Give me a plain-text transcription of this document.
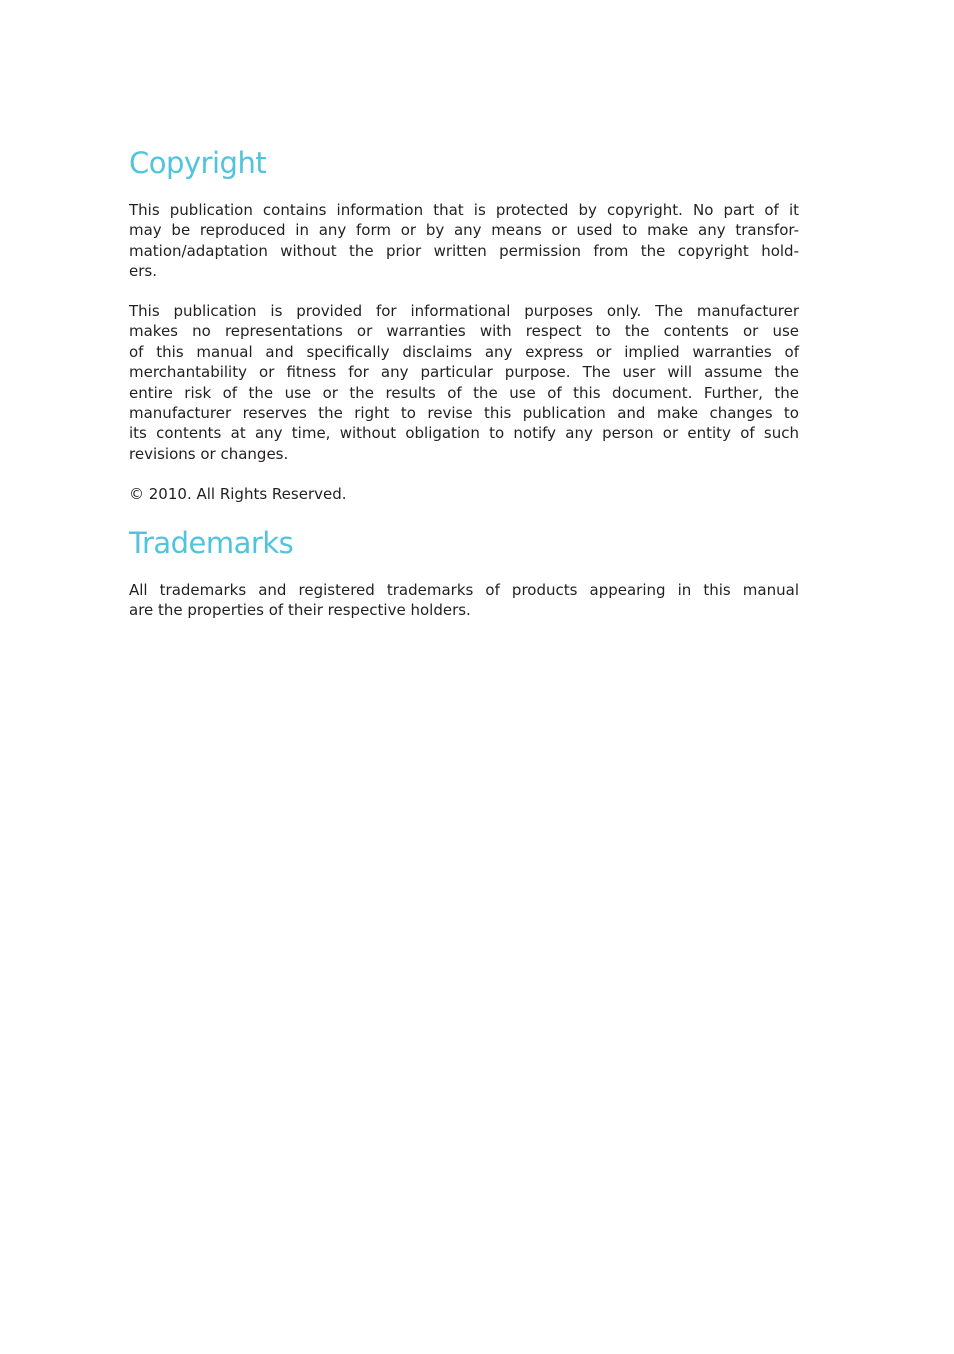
Copyright
This publication contains information that is protected by copyright. No part of it
may be reproduced in any form or by any means or used to make any transfor-
mation/adaptation without the prior written permission from the copyright hold-
ers.
This publication is provided for informational purposes only. The manufacturer
makes no representations or warranties with respect to the contents or use
of this manual and specifically disclaims any express or implied warranties of
merchantability or fitness for any particular purpose. The user will assume the
entire risk of the use or the results of the use of this document. Further, the
manufacturer reserves the right to revise this publication and make changes to
its contents at any time, without obligation to notify any person or entity of such
revisions or changes.
© 2010. All Rights Reserved.
Trademarks
All trademarks and registered trademarks of products appearing in this manual
are the properties of their respective holders.
